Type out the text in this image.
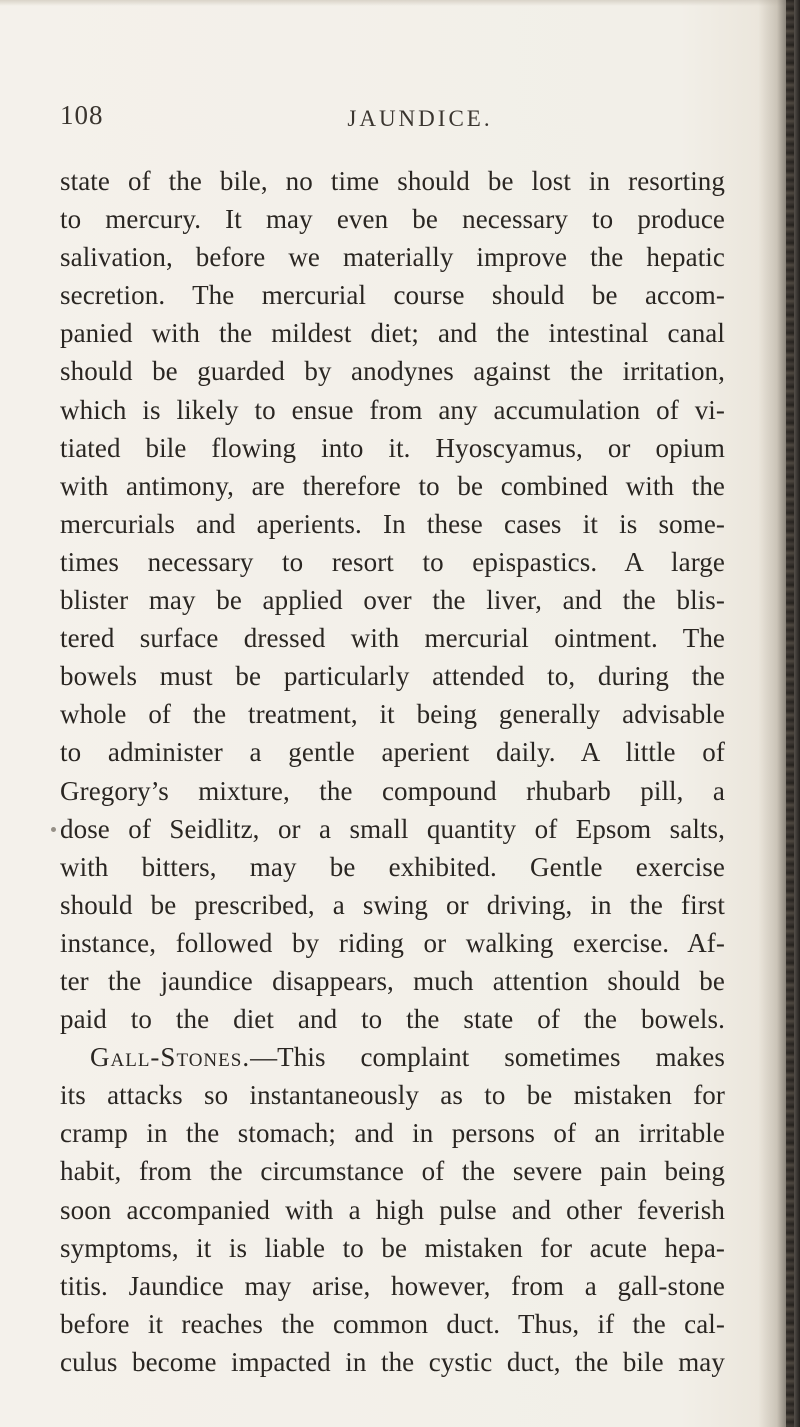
108	JAUNDICE.
state of the bile, no time should be lost in resorting
to mercury. It may even be necessary to produce
salivation, before we materially improve the hepatic
secretion. The mercurial course should be accom-
panied with the mildest diet; and the intestinal canal
should be guarded by anodynes against the irritation,
which is likely to ensue from any accumulation of vi-
tiated bile flowing into it. Hyoscyamus, or opium
with antimony, are therefore to be combined with the
mercurials and aperients. In these cases it is some-
times necessary to resort to epispastics. A large
blister may be applied over the liver, and the blis-
tered surface dressed with mercurial ointment. The
bowels must be particularly attended to, during the
whole of the treatment, it being generally advisable
to administer a gentle aperient daily. A little of
Gregory’s mixture, the compound rhubarb pill, a
dose of Seidlitz, or a small quantity of Epsom salts,
with bitters, may be exhibited. Gentle exercise
should be prescribed, a swing or driving, in the first
instance, followed by riding or walking exercise. Af-
ter the jaundice disappears, much attention should be
paid to the diet and to the state of the bowels.
Gall-Stones.—This complaint sometimes makes
its attacks so instantaneously as to be mistaken for
cramp in the stomach; and in persons of an irritable
habit, from the circumstance of the severe pain being
soon accompanied with a high pulse and other feverish
symptoms, it is liable to be mistaken for acute hepa-
titis. Jaundice may arise, however, from a gall-stone
before it reaches the common duct. Thus, if the cal-
culus become impacted in the cystic duct, the bile may
